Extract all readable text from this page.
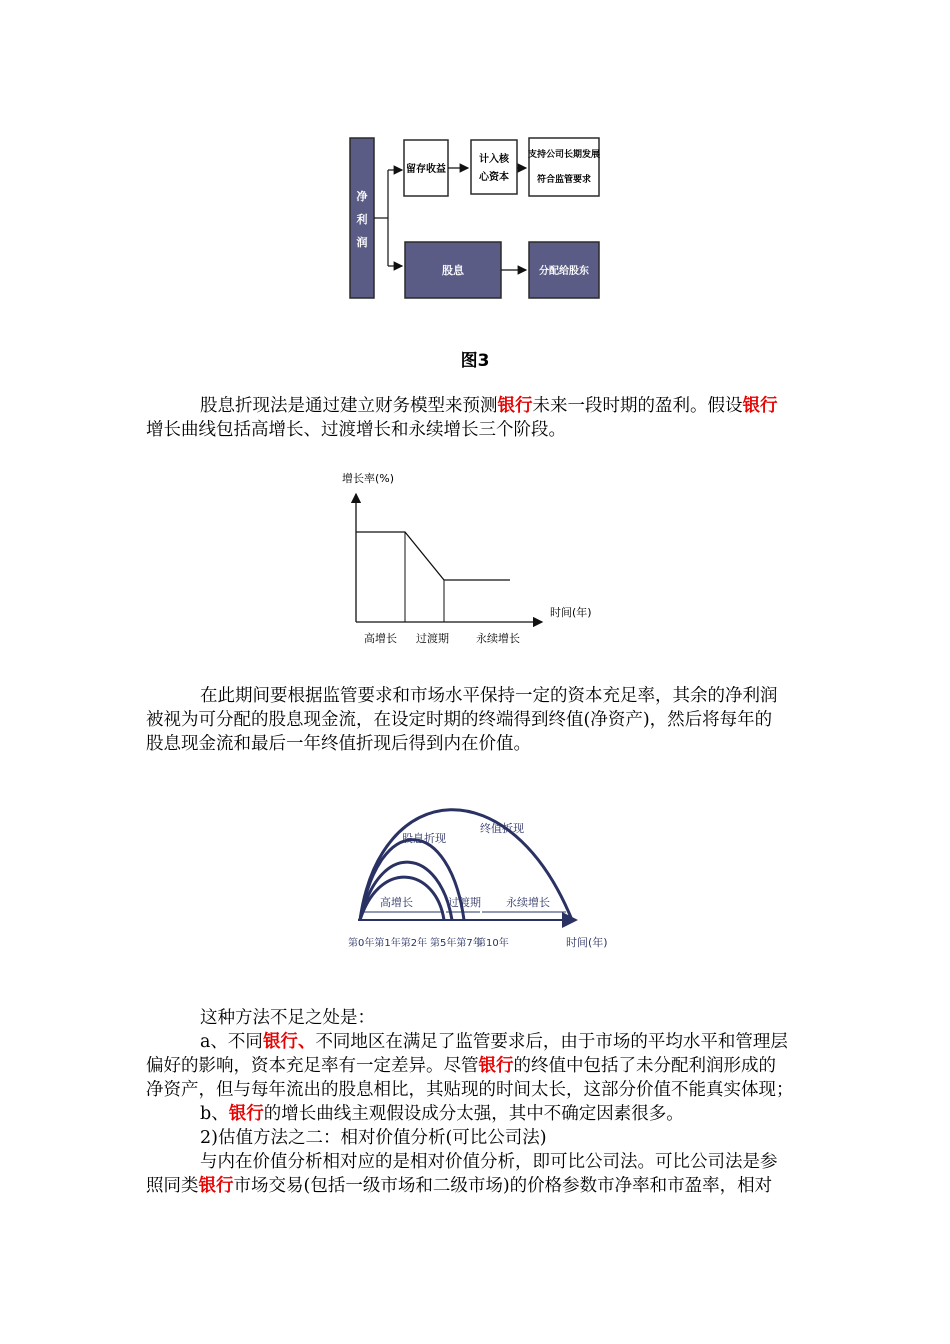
净
利
润
留存收益
计入核
心资本
支持公司长期发展
符合监管要求
股息	分配给股东
图3
股息折现法是通过建立财务模型来预测银行未来一段时期的盈利。假设银行
增长曲线包括高增长、过渡增长和永续增长三个阶段。
增长率(%)
时间(年)
高增长 过渡期 永续增长
在此期间要根据监管要求和市场水平保持一定的资本充足率，其余的净利润
被视为可分配的股息现金流，在设定时期的终端得到终值(净资产)，然后将每年的
股息现金流和最后一年终值折现后得到内在价值。
股息折现
终值折现
高增长	过渡期 永续增长
第0年第1年第2年 第5年第7年
第10年	时间(年)
这种方法不足之处是：
a、不同银行、不同地区在满足了监管要求后，由于市场的平均水平和管理层
偏好的影响，资本充足率有一定差异。尽管银行的终值中包括了未分配利润形成的
净资产，但与每年流出的股息相比，其贴现的时间太长，这部分价值不能真实体现；
b、银行的增长曲线主观假设成分太强，其中不确定因素很多。
2)估值方法之二：相对价值分析(可比公司法)
与内在价值分析相对应的是相对价值分析，即可比公司法。可比公司法是参
照同类银行市场交易(包括一级市场和二级市场)的价格参数市净率和市盈率，相对
